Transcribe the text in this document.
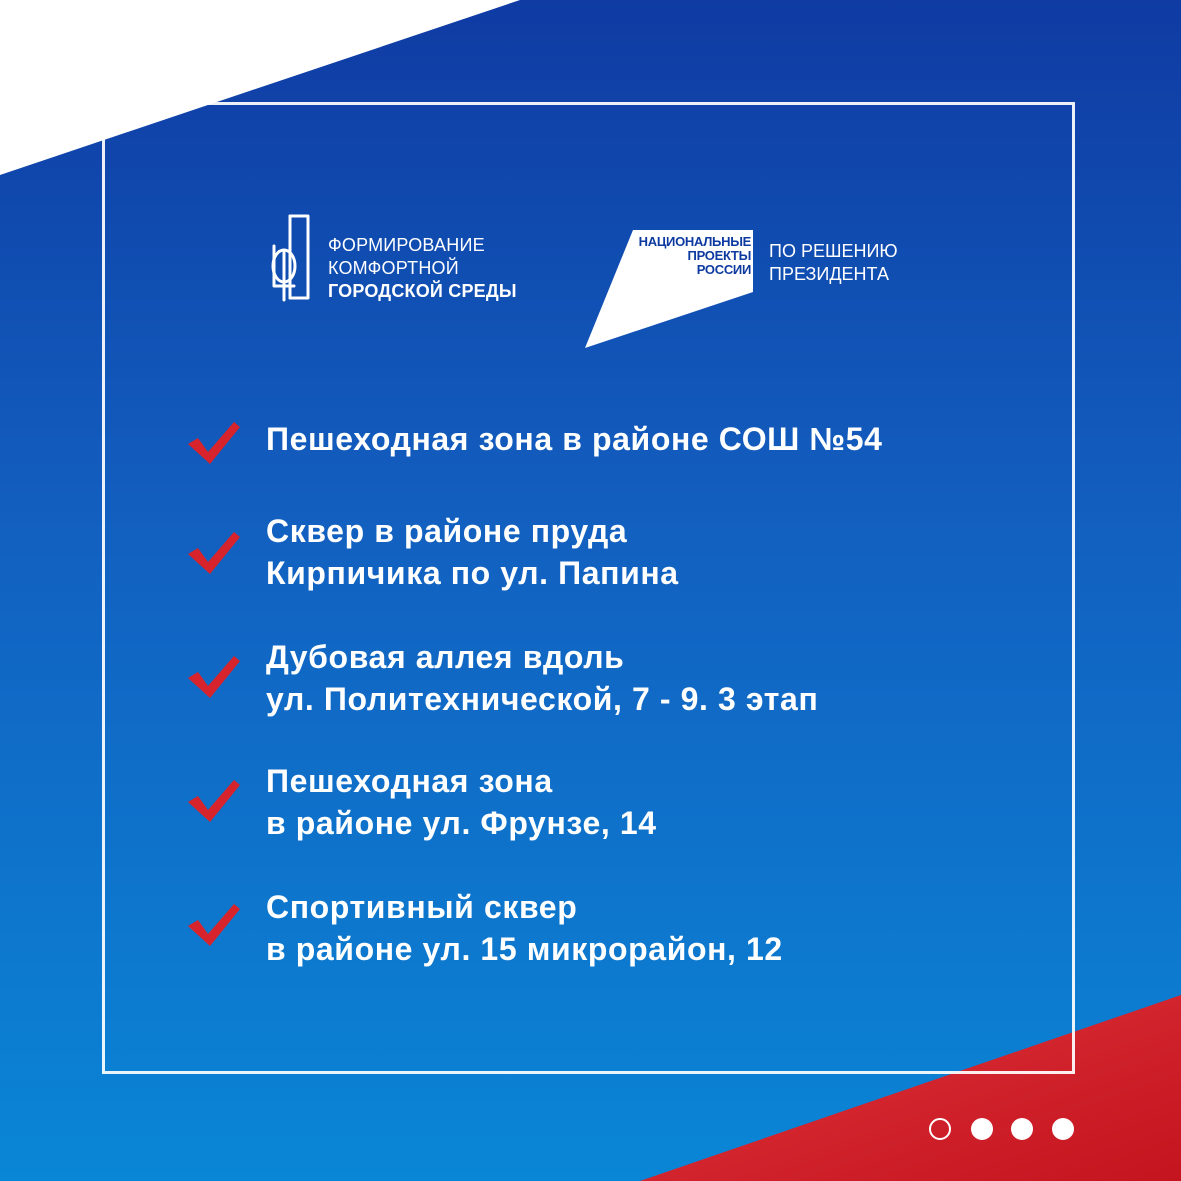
ФОРМИРОВАНИЕ
КОМФОРТНОЙ
ГОРОДСКОЙ СРЕДЫ
НАЦИОНАЛЬНЫЕ
ПРОЕКТЫ
РОССИИ
ПО РЕШЕНИЮ
ПРЕЗИДЕНТА
Пешеходная зона в районе СОШ №54
Сквер в районе пруда
Кирпичика по ул. Папина
Дубовая аллея вдоль
ул. Политехнической, 7 - 9. 3 этап
Пешеходная зона
в районе ул. Фрунзе, 14
Спортивный сквер
в районе ул. 15 микрорайон, 12
